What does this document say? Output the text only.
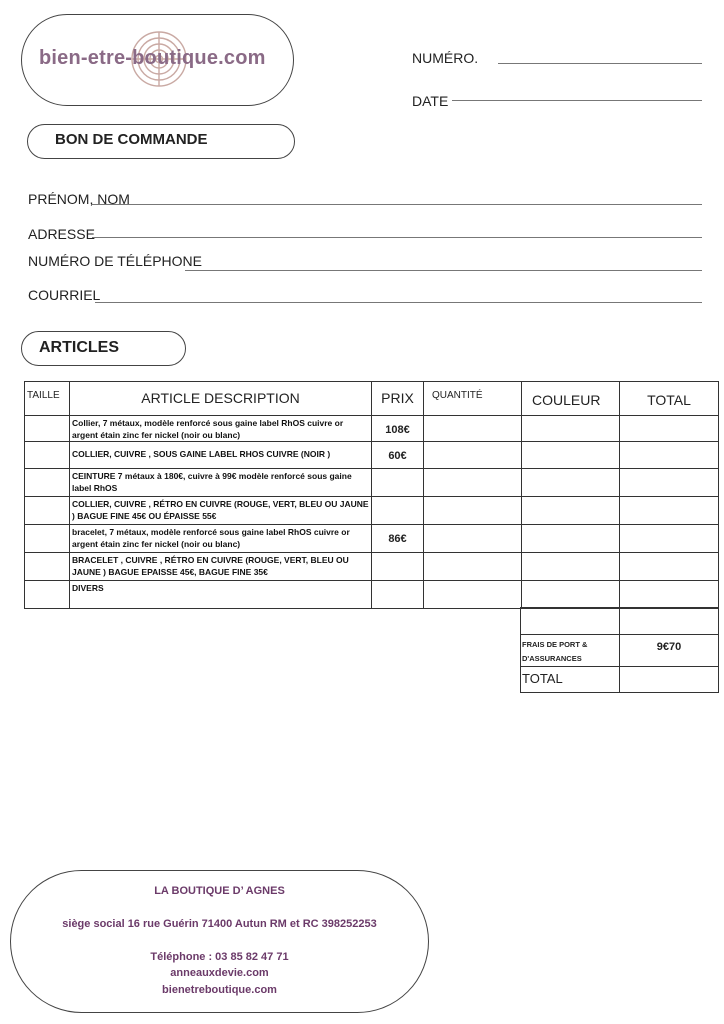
bien-etre-boutique.com	NUMÉRO.
DATE
BON DE COMMANDE
PRÉNOM, NOM
ADRESSE
NUMÉRO DE TÉLÉPHONE
COURRIEL
ARTICLES
TAILLE	ARTICLE DESCRIPTION	PRIX	QUANTITÉ	COULEUR	TOTAL
	Collier, 7 métaux, modèle renforcé sous gaine label RhOS cuivre or argent étain zinc fer nickel (noir ou blanc)	108€			
	COLLIER, CUIVRE , SOUS GAINE LABEL RHOS CUIVRE (NOIR )	60€			
	CEINTURE 7 métaux à 180€, cuivre à 99€ modèle renforcé sous gaine label RhOS				
	COLLIER, CUIVRE , RÉTRO EN CUIVRE (ROUGE, VERT, BLEU OU JAUNE ) BAGUE FINE 45€ OU ÉPAISSE 55€				
	bracelet, 7 métaux, modèle renforcé sous gaine label RhOS cuivre or argent étain zinc fer nickel (noir ou blanc)	86€			
	BRACELET , CUIVRE , RÉTRO EN CUIVRE (ROUGE, VERT, BLEU OU JAUNE ) BAGUE EPAISSE 45€, BAGUE FINE 35€				
	DIVERS				

FRAIS DE PORT & D'ASSURANCES	9€70
TOTAL	
LA BOUTIQUE D’ AGNES
siège social 16 rue Guérin 71400 Autun RM et RC 398252253
Téléphone : 03 85 82 47 71
anneauxdevie.com
bienetreboutique.com
